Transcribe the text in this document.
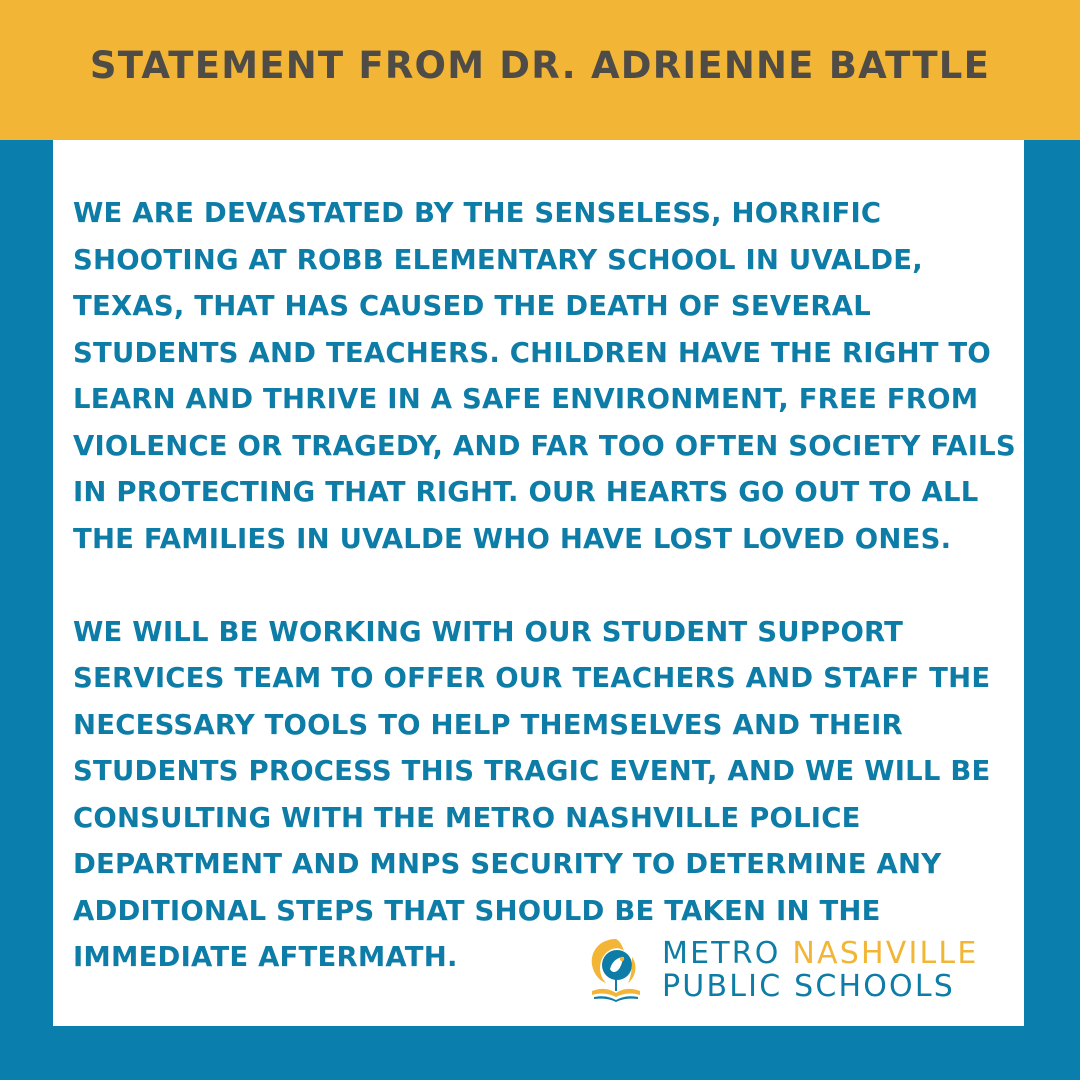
STATEMENT FROM DR. ADRIENNE BATTLE

WE ARE DEVASTATED BY THE SENSELESS, HORRIFIC SHOOTING AT ROBB ELEMENTARY SCHOOL IN UVALDE, TEXAS, THAT HAS CAUSED THE DEATH OF SEVERAL STUDENTS AND TEACHERS. CHILDREN HAVE THE RIGHT TO LEARN AND THRIVE IN A SAFE ENVIRONMENT, FREE FROM VIOLENCE OR TRAGEDY, AND FAR TOO OFTEN SOCIETY FAILS IN PROTECTING THAT RIGHT. OUR HEARTS GO OUT TO ALL THE FAMILIES IN UVALDE WHO HAVE LOST LOVED ONES.

WE WILL BE WORKING WITH OUR STUDENT SUPPORT SERVICES TEAM TO OFFER OUR TEACHERS AND STAFF THE NECESSARY TOOLS TO HELP THEMSELVES AND THEIR STUDENTS PROCESS THIS TRAGIC EVENT, AND WE WILL BE CONSULTING WITH THE METRO NASHVILLE POLICE DEPARTMENT AND MNPS SECURITY TO DETERMINE ANY ADDITIONAL STEPS THAT SHOULD BE TAKEN IN THE IMMEDIATE AFTERMATH.	METRO NASHVILLE
PUBLIC SCHOOLS
